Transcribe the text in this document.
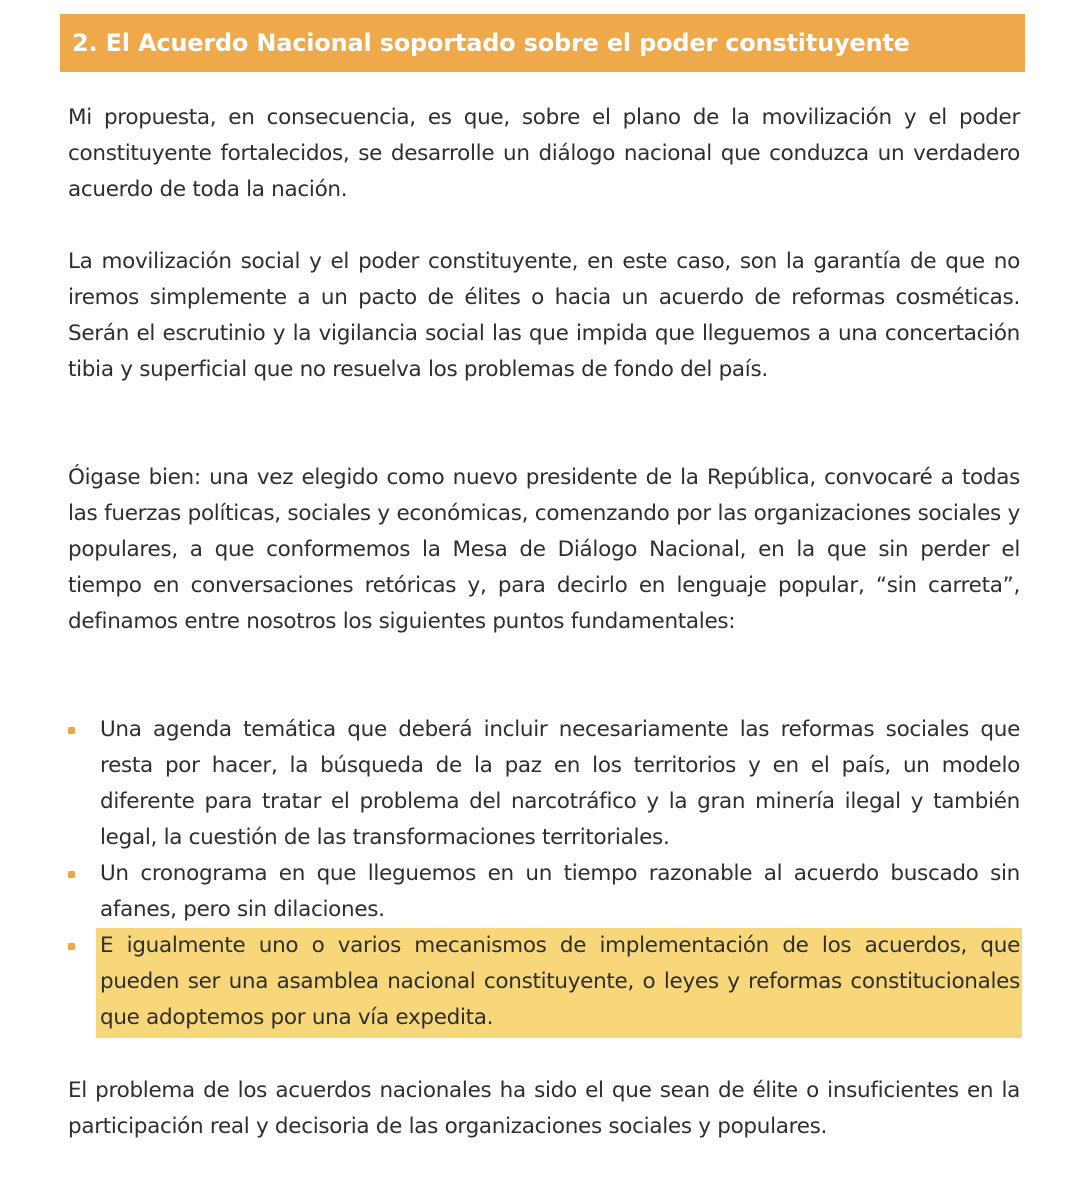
2. El Acuerdo Nacional soportado sobre el poder constituyente

Mi propuesta, en consecuencia, es que, sobre el plano de la movilización y el poder constituyente fortalecidos, se desarrolle un diálogo nacional que conduzca un verdadero acuerdo de toda la nación.

La movilización social y el poder constituyente, en este caso, son la garantía de que no iremos simplemente a un pacto de élites o hacia un acuerdo de reformas cosméticas. Serán el escrutinio y la vigilancia social las que impida que lleguemos a una concertación tibia y superficial que no resuelva los problemas de fondo del país.

Óigase bien: una vez elegido como nuevo presidente de la República, convocaré a todas las fuerzas políticas, sociales y económicas, comenzando por las organizaciones sociales y populares, a que conformemos la Mesa de Diálogo Nacional, en la que sin perder el tiempo en conversaciones retóricas y, para decirlo en lenguaje popular, “sin carreta”, definamos entre nosotros los siguientes puntos fundamentales:

Una agenda temática que deberá incluir necesariamente las reformas sociales que resta por hacer, la búsqueda de la paz en los territorios y en el país, un modelo diferente para tratar el problema del narcotráfico y la gran minería ilegal y también legal, la cuestión de las transformaciones territoriales.
Un cronograma en que lleguemos en un tiempo razonable al acuerdo buscado sin afanes, pero sin dilaciones.
E igualmente uno o varios mecanismos de implementación de los acuerdos, que pueden ser una asamblea nacional constituyente, o leyes y reformas constitucionales que adoptemos por una vía expedita.

El problema de los acuerdos nacionales ha sido el que sean de élite o insuficientes en la participación real y decisoria de las organizaciones sociales y populares.
